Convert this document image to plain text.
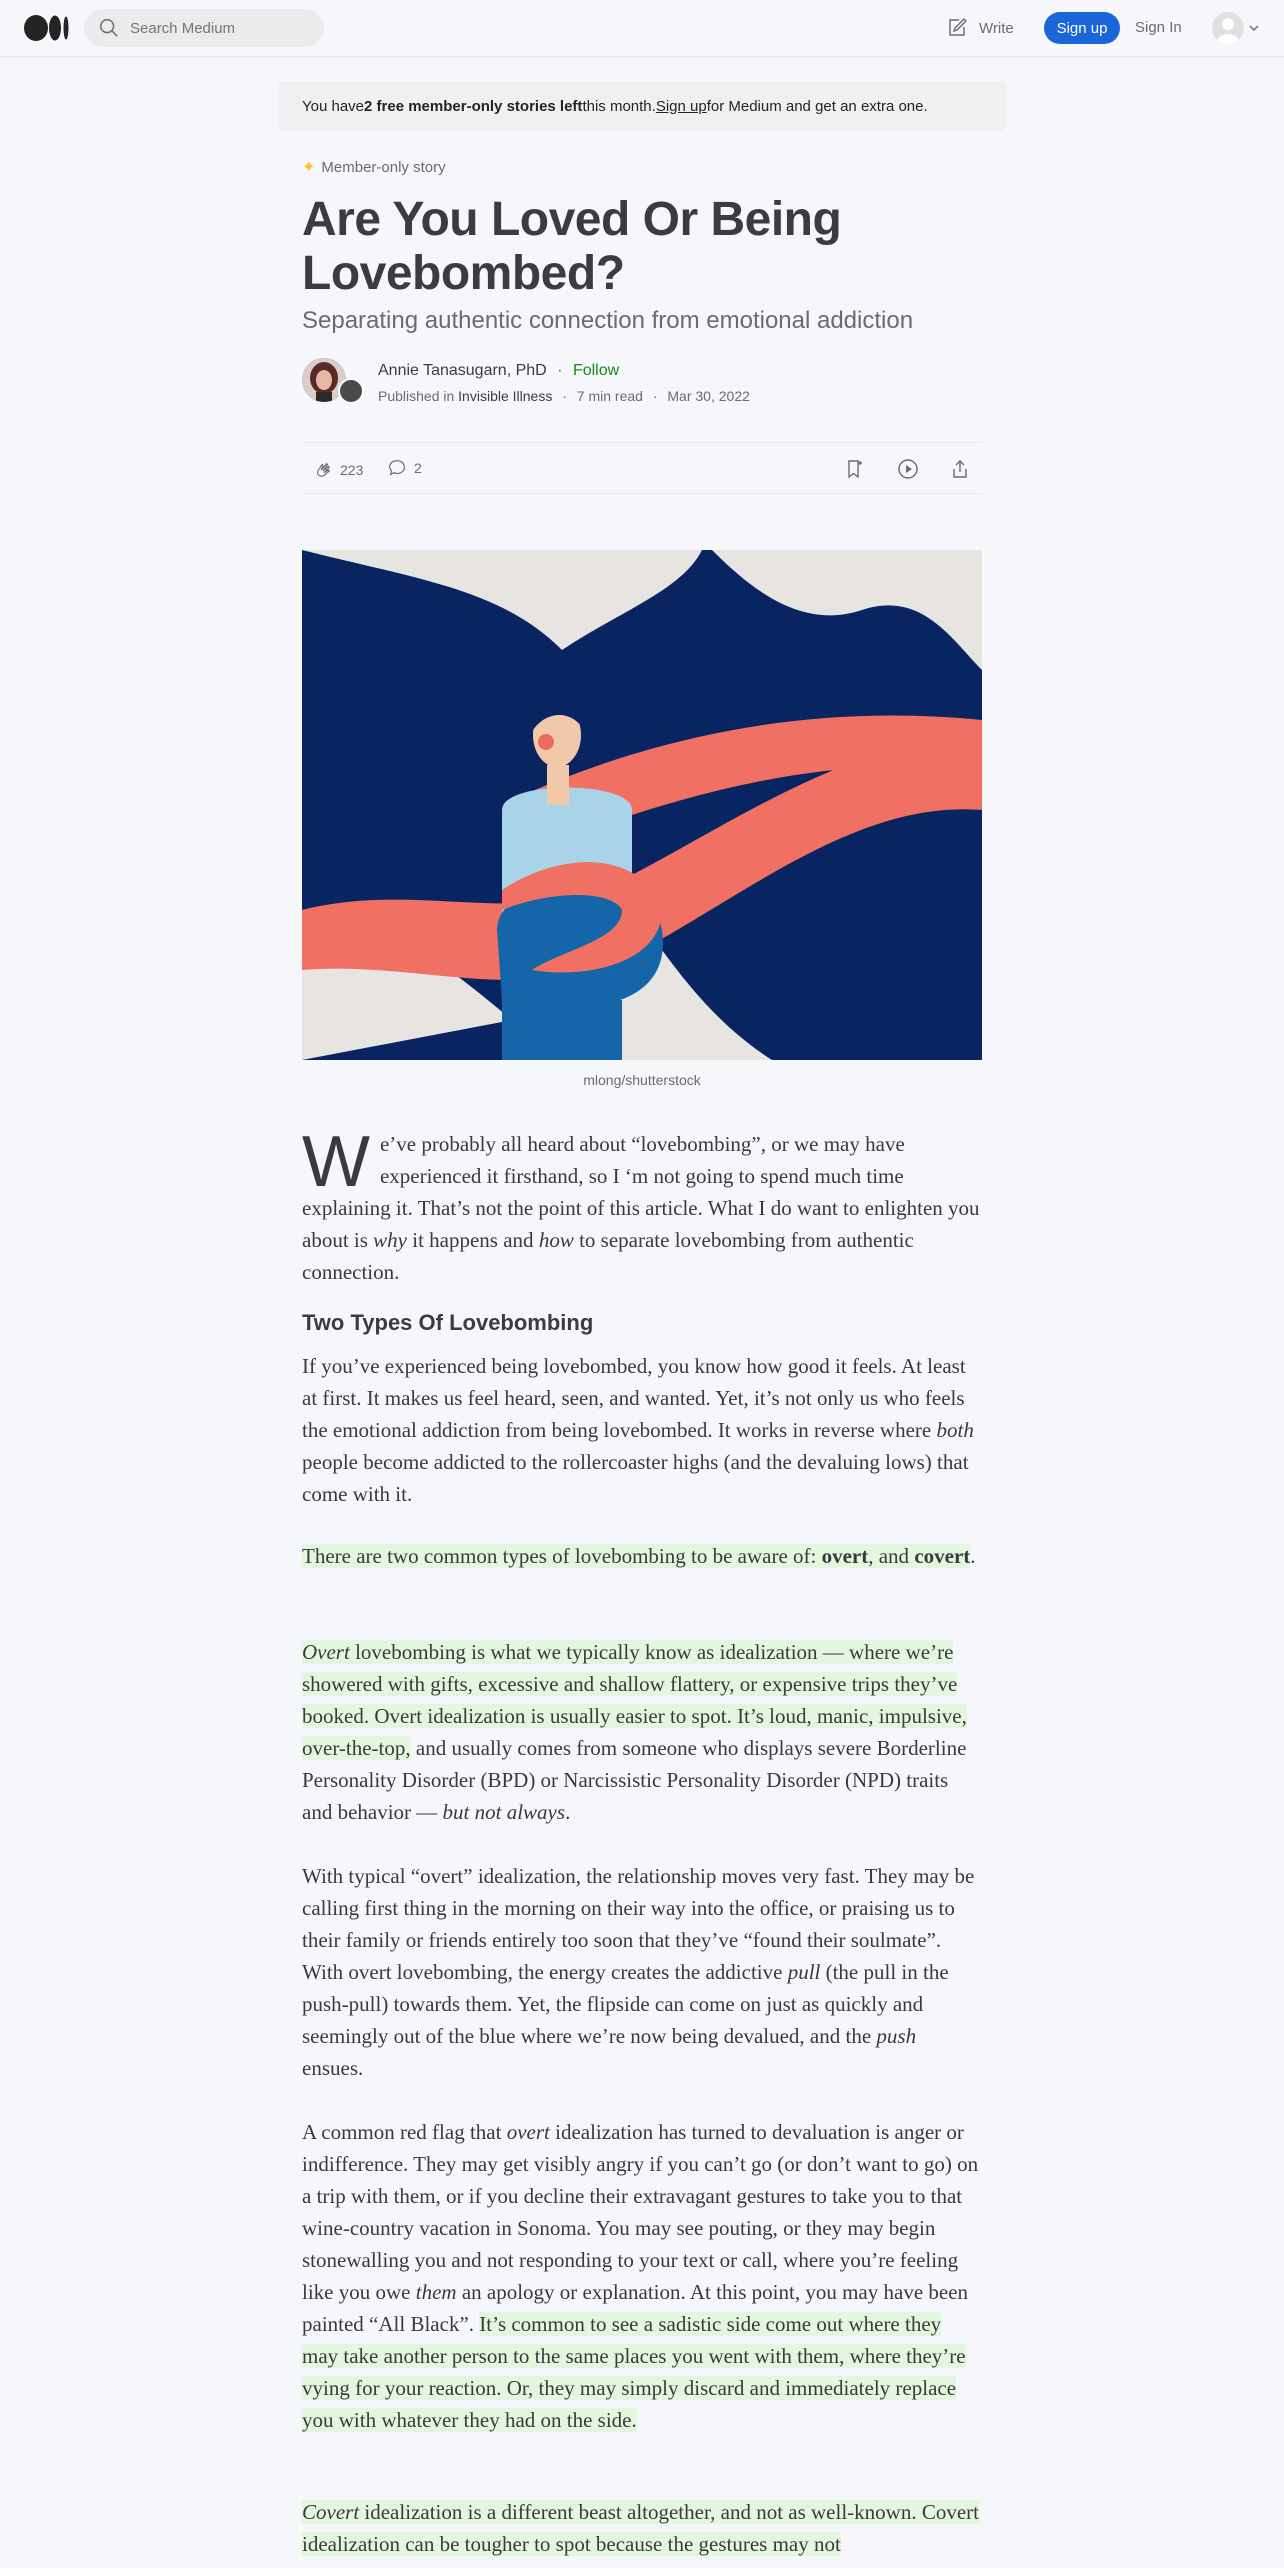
Search Medium
Write	Sign up	Sign In
You have 2 free member-only stories left this month. Sign up for Medium and get an extra one.
✦ Member-only story
Are You Loved Or Being Lovebombed?
Separating authentic connection from emotional addiction
Annie Tanasugarn, PhD · Follow
Published in Invisible Illness · 7 min read · Mar 30, 2022
223	2
mlong/shutterstock
We’ve probably all heard about “lovebombing”, or we may have experienced it firsthand, so I ‘m not going to spend much time explaining it. That’s not the point of this article. What I do want to enlighten you about is why it happens and how to separate lovebombing from authentic connection.
Two Types Of Lovebombing
If you’ve experienced being lovebombed, you know how good it feels. At least at first. It makes us feel heard, seen, and wanted. Yet, it’s not only us who feels the emotional addiction from being lovebombed. It works in reverse where both people become addicted to the rollercoaster highs (and the devaluing lows) that come with it.
There are two common types of lovebombing to be aware of: overt, and covert.
Overt lovebombing is what we typically know as idealization — where we’re showered with gifts, excessive and shallow flattery, or expensive trips they’ve booked. Overt idealization is usually easier to spot. It’s loud, manic, impulsive, over-the-top, and usually comes from someone who displays severe Borderline Personality Disorder (BPD) or Narcissistic Personality Disorder (NPD) traits and behavior — but not always.
With typical “overt” idealization, the relationship moves very fast. They may be calling first thing in the morning on their way into the office, or praising us to their family or friends entirely too soon that they’ve “found their soulmate”. With overt lovebombing, the energy creates the addictive pull (the pull in the push-pull) towards them. Yet, the flipside can come on just as quickly and seemingly out of the blue where we’re now being devalued, and the push ensues.
A common red flag that overt idealization has turned to devaluation is anger or indifference. They may get visibly angry if you can’t go (or don’t want to go) on a trip with them, or if you decline their extravagant gestures to take you to that wine-country vacation in Sonoma. You may see pouting, or they may begin stonewalling you and not responding to your text or call, where you’re feeling like you owe them an apology or explanation. At this point, you may have been painted “All Black”. It’s common to see a sadistic side come out where they may take another person to the same places you went with them, where they’re vying for your reaction. Or, they may simply discard and immediately replace you with whatever they had on the side.
Covert idealization is a different beast altogether, and not as well-known. Covert idealization can be tougher to spot because the gestures may not
